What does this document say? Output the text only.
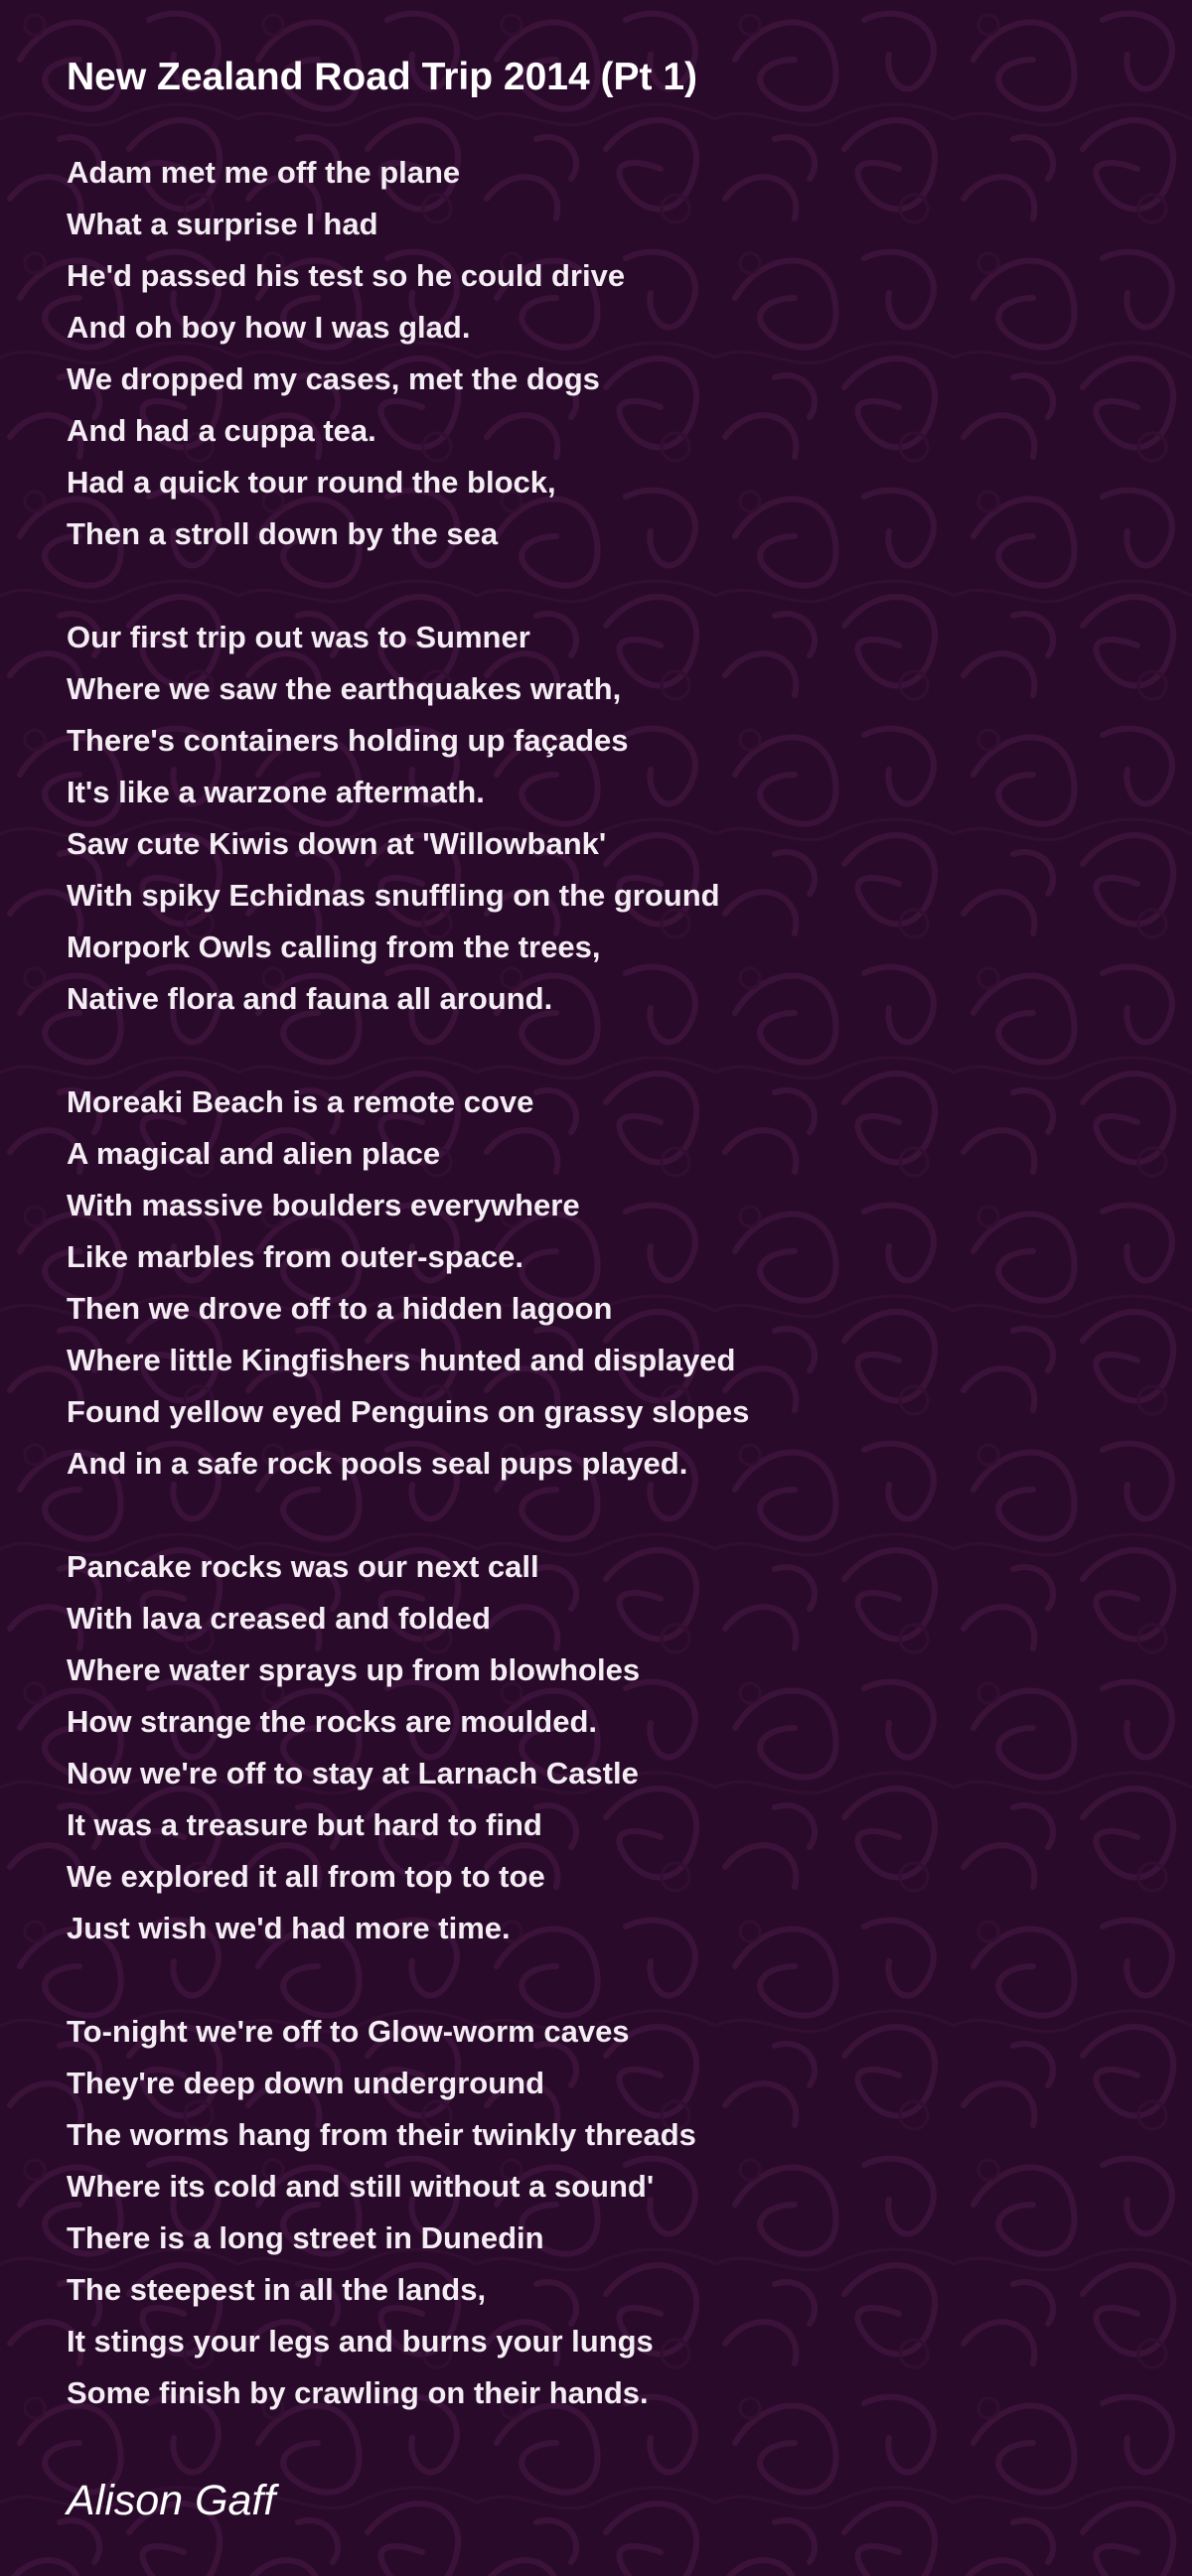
New Zealand Road Trip 2014 (Pt 1)
Adam met me off the plane
What a surprise I had
He'd passed his test so he could drive
And oh boy how I was glad.
We dropped my cases, met the dogs
And had a cuppa tea.
Had a quick tour round the block,
Then a stroll down by the sea
Our first trip out was to Sumner
Where we saw the earthquakes wrath,
There's containers holding up façades
It's like a warzone aftermath.
Saw cute Kiwis down at 'Willowbank'
With spiky Echidnas snuffling on the ground
Morpork Owls calling from the trees,
Native flora and fauna all around.
Moreaki Beach is a remote cove
A magical and alien place
With massive boulders everywhere
Like marbles from outer-space.
Then we drove off to a hidden lagoon
Where little Kingfishers hunted and displayed
Found yellow eyed Penguins on grassy slopes
And in a safe rock pools seal pups played.
Pancake rocks was our next call
With lava creased and folded
Where water sprays up from blowholes
How strange the rocks are moulded.
Now we're off to stay at Larnach Castle
It was a treasure but hard to find
We explored it all from top to toe
Just wish we'd had more time.
To-night we're off to Glow-worm caves
They're deep down underground
The worms hang from their twinkly threads
Where its cold and still without a sound'
There is a long street in Dunedin
The steepest in all the lands,
It stings your legs and burns your lungs
Some finish by crawling on their hands.
Alison Gaff
